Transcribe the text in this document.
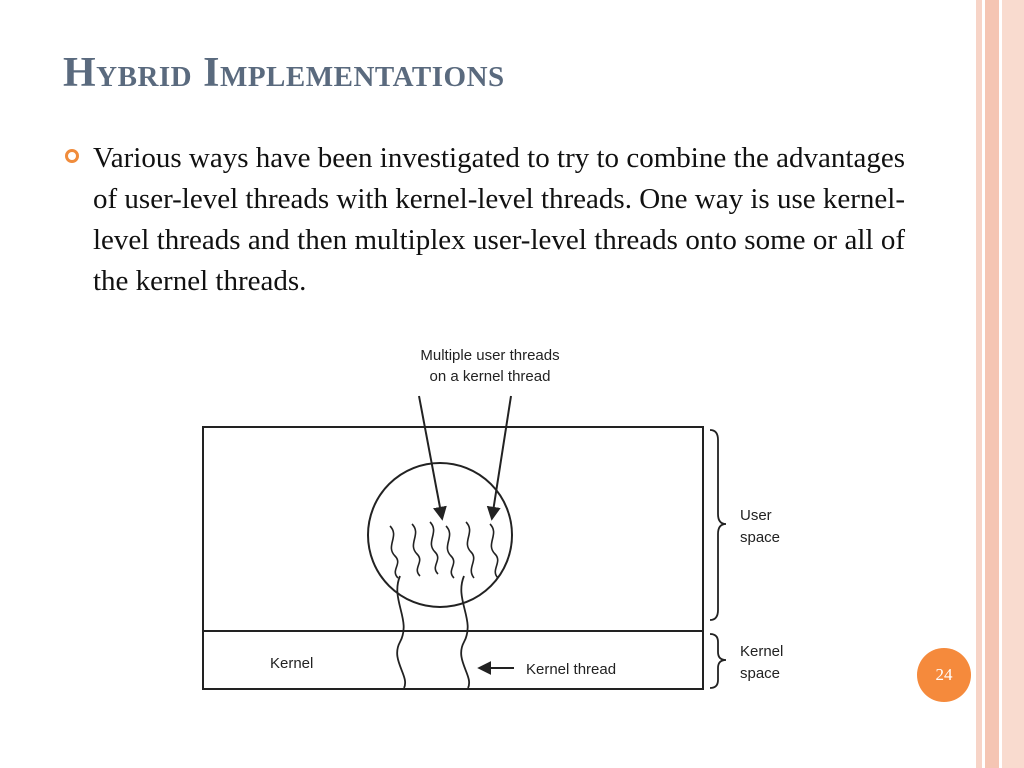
Hybrid Implementations

Various ways have been investigated to try to combine the advantages of user-level threads with kernel-level threads. One way is use kernel-level threads and then multiplex user-level threads onto some or all of the kernel threads.

Multiple user threads
on a kernel thread
Kernel	Kernel thread
User
space
Kernel
space	24
